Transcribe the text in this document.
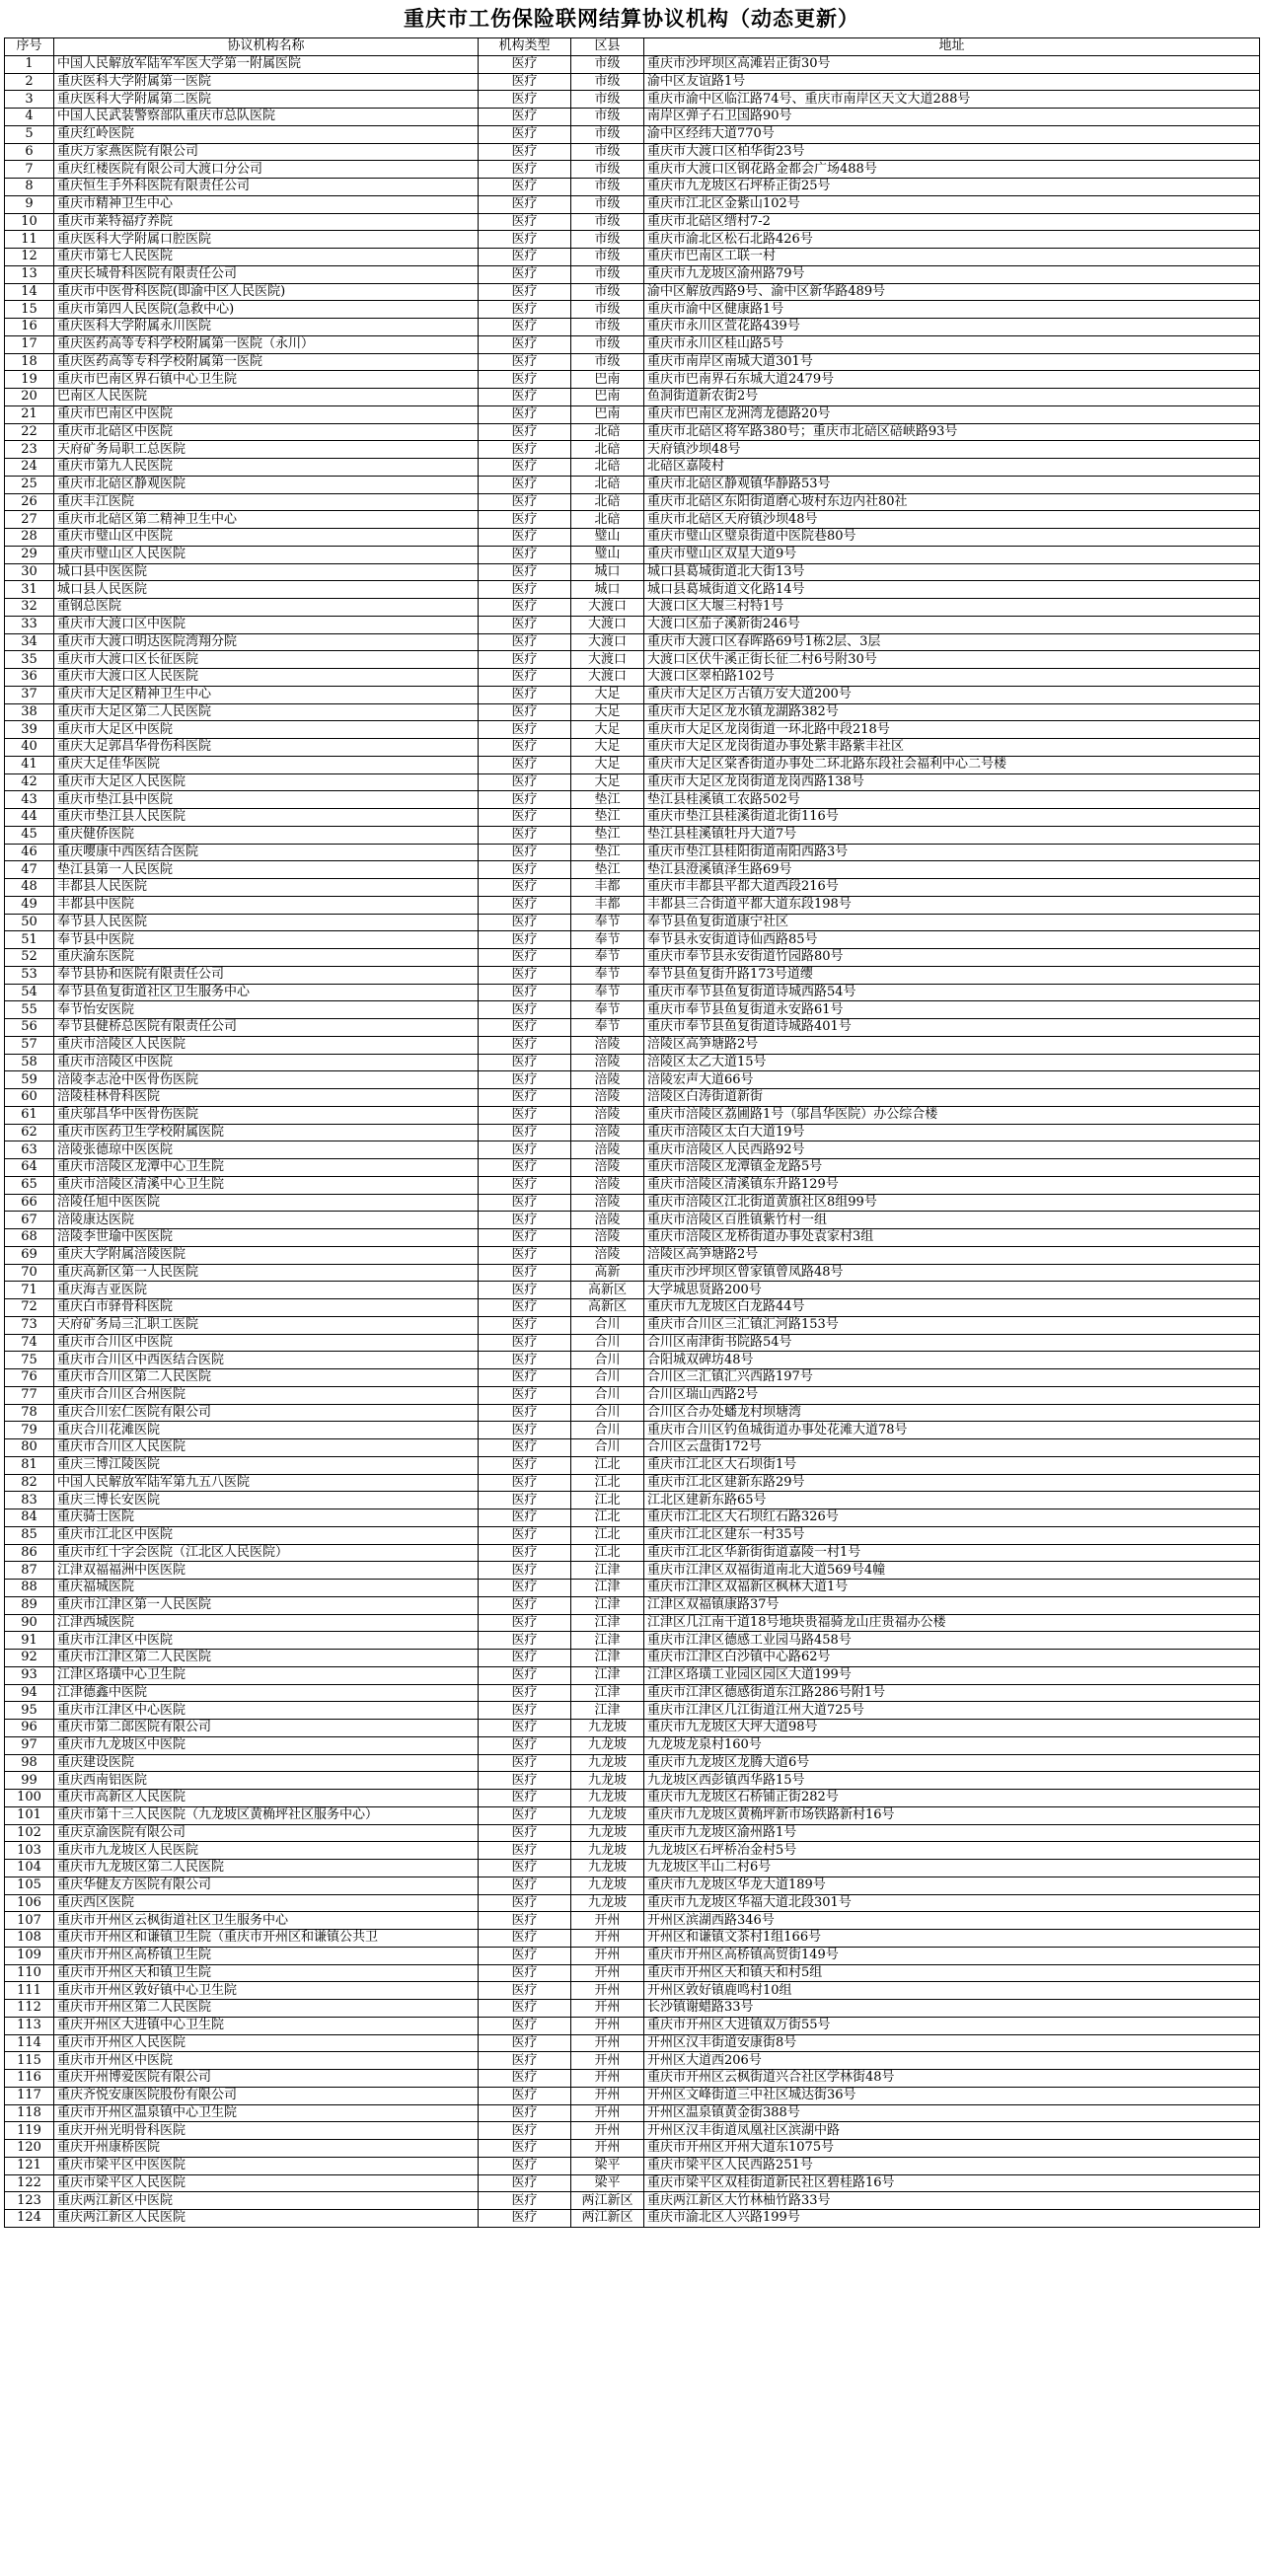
重庆市工伤保险联网结算协议机构（动态更新）
序号	协议机构名称	机构类型	区县	地址
1	中国人民解放军陆军军医大学第一附属医院	医疗	市级	重庆市沙坪坝区高滩岩正街30号
2	重庆医科大学附属第一医院	医疗	市级	渝中区友谊路1号
3	重庆医科大学附属第二医院	医疗	市级	重庆市渝中区临江路74号、重庆市南岸区天文大道288号
4	中国人民武装警察部队重庆市总队医院	医疗	市级	南岸区弹子石卫国路90号
5	重庆红岭医院	医疗	市级	渝中区经纬大道770号
6	重庆万家燕医院有限公司	医疗	市级	重庆市大渡口区柏华街23号
7	重庆红楼医院有限公司大渡口分公司	医疗	市级	重庆市大渡口区钢花路金都会广场488号
8	重庆恒生手外科医院有限责任公司	医疗	市级	重庆市九龙坡区石坪桥正街25号
9	重庆市精神卫生中心	医疗	市级	重庆市江北区金紫山102号
10	重庆市莱特福疗养院	医疗	市级	重庆市北碚区缙村7-2
11	重庆医科大学附属口腔医院	医疗	市级	重庆市渝北区松石北路426号
12	重庆市第七人民医院	医疗	市级	重庆市巴南区工联一村
13	重庆长城骨科医院有限责任公司	医疗	市级	重庆市九龙坡区渝州路79号
14	重庆市中医骨科医院(即渝中区人民医院)	医疗	市级	渝中区解放西路9号、渝中区新华路489号
15	重庆市第四人民医院(急救中心)	医疗	市级	重庆市渝中区健康路1号
16	重庆医科大学附属永川医院	医疗	市级	重庆市永川区萱花路439号
17	重庆医药高等专科学校附属第一医院（永川）	医疗	市级	重庆市永川区桂山路5号
18	重庆医药高等专科学校附属第一医院	医疗	市级	重庆市南岸区南城大道301号
19	重庆市巴南区界石镇中心卫生院	医疗	巴南	重庆市巴南界石东城大道2479号
20	巴南区人民医院	医疗	巴南	鱼洞街道新农街2号
21	重庆市巴南区中医院	医疗	巴南	重庆市巴南区龙洲湾龙德路20号
22	重庆市北碚区中医院	医疗	北碚	重庆市北碚区将军路380号；重庆市北碚区碚峡路93号
23	天府矿务局职工总医院	医疗	北碚	天府镇沙坝48号
24	重庆市第九人民医院	医疗	北碚	北碚区嘉陵村
25	重庆市北碚区静观医院	医疗	北碚	重庆市北碚区静观镇华静路53号
26	重庆丰江医院	医疗	北碚	重庆市北碚区东阳街道磨心坡村东边内社80社
27	重庆市北碚区第二精神卫生中心	医疗	北碚	重庆市北碚区天府镇沙坝48号
28	重庆市璧山区中医院	医疗	璧山	重庆市璧山区璧泉街道中医院巷80号
29	重庆市璧山区人民医院	医疗	璧山	重庆市璧山区双星大道9号
30	城口县中医医院	医疗	城口	城口县葛城街道北大街13号
31	城口县人民医院	医疗	城口	城口县葛城街道文化路14号
32	重钢总医院	医疗	大渡口	大渡口区大堰三村特1号
33	重庆市大渡口区中医院	医疗	大渡口	大渡口区茄子溪新街246号
34	重庆市大渡口明达医院湾翔分院	医疗	大渡口	重庆市大渡口区春晖路69号1栋2层、3层
35	重庆市大渡口区长征医院	医疗	大渡口	大渡口区伏牛溪正街长征二村6号附30号
36	重庆市大渡口区人民医院	医疗	大渡口	大渡口区翠柏路102号
37	重庆市大足区精神卫生中心	医疗	大足	重庆市大足区万古镇万安大道200号
38	重庆市大足区第二人民医院	医疗	大足	重庆市大足区龙水镇龙湖路382号
39	重庆市大足区中医院	医疗	大足	重庆市大足区龙岗街道一环北路中段218号
40	重庆大足郭昌华骨伤科医院	医疗	大足	重庆市大足区龙岗街道办事处紫丰路紫丰社区
41	重庆大足佳华医院	医疗	大足	重庆市大足区棠香街道办事处二环北路东段社会福利中心二号楼
42	重庆市大足区人民医院	医疗	大足	重庆市大足区龙岗街道龙岗西路138号
43	重庆市垫江县中医院	医疗	垫江	垫江县桂溪镇工农路502号
44	重庆市垫江县人民医院	医疗	垫江	重庆市垫江县桂溪街道北街116号
45	重庆健侨医院	医疗	垫江	垫江县桂溪镇牡丹大道7号
46	重庆嘤康中西医结合医院	医疗	垫江	重庆市垫江县桂阳街道南阳西路3号
47	垫江县第一人民医院	医疗	垫江	垫江县澄溪镇泽生路69号
48	丰都县人民医院	医疗	丰都	重庆市丰都县平都大道西段216号
49	丰都县中医院	医疗	丰都	丰都县三合街道平都大道东段198号
50	奉节县人民医院	医疗	奉节	奉节县鱼复街道康宁社区
51	奉节县中医院	医疗	奉节	奉节县永安街道诗仙西路85号
52	重庆渝东医院	医疗	奉节	重庆市奉节县永安街道竹园路80号
53	奉节县协和医院有限责任公司	医疗	奉节	奉节县鱼复街升路173号道缨
54	奉节县鱼复街道社区卫生服务中心	医疗	奉节	重庆市奉节县鱼复街道诗城西路54号
55	奉节怡安医院	医疗	奉节	重庆市奉节县鱼复街道永安路61号
56	奉节县健桥总医院有限责任公司	医疗	奉节	重庆市奉节县鱼复街道诗城路401号
57	重庆市涪陵区人民医院	医疗	涪陵	涪陵区高笋塘路2号
58	重庆市涪陵区中医院	医疗	涪陵	涪陵区太乙大道15号
59	涪陵李志沧中医骨伤医院	医疗	涪陵	涪陵宏声大道66号
60	涪陵桂林骨科医院	医疗	涪陵	涪陵区白涛街道新街
61	重庆邬昌华中医骨伤医院	医疗	涪陵	重庆市涪陵区荔圃路1号（邬昌华医院）办公综合楼
62	重庆市医药卫生学校附属医院	医疗	涪陵	重庆市涪陵区太白大道19号
63	涪陵张德琼中医医院	医疗	涪陵	重庆市涪陵区人民西路92号
64	重庆市涪陵区龙潭中心卫生院	医疗	涪陵	重庆市涪陵区龙潭镇金龙路5号
65	重庆市涪陵区清溪中心卫生院	医疗	涪陵	重庆市涪陵区清溪镇东升路129号
66	涪陵任旭中医医院	医疗	涪陵	重庆市涪陵区江北街道黄旗社区8组99号
67	涪陵康达医院	医疗	涪陵	重庆市涪陵区百胜镇紫竹村一组
68	涪陵李世瑜中医医院	医疗	涪陵	重庆市涪陵区龙桥街道办事处袁家村3组
69	重庆大学附属涪陵医院	医疗	涪陵	涪陵区高笋塘路2号
70	重庆高新区第一人民医院	医疗	高新	重庆市沙坪坝区曾家镇曾凤路48号
71	重庆海吉亚医院	医疗	高新区	大学城思贤路200号
72	重庆白市驿骨科医院	医疗	高新区	重庆市九龙坡区白龙路44号
73	天府矿务局三汇职工医院	医疗	合川	重庆市合川区三汇镇汇河路153号
74	重庆市合川区中医院	医疗	合川	合川区南津街书院路54号
75	重庆市合川区中西医结合医院	医疗	合川	合阳城双碑坊48号
76	重庆市合川区第二人民医院	医疗	合川	合川区三汇镇汇兴西路197号
77	重庆市合川区合州医院	医疗	合川	合川区瑞山西路2号
78	重庆合川宏仁医院有限公司	医疗	合川	合川区合办处蟠龙村坝塘湾
79	重庆合川花滩医院	医疗	合川	重庆市合川区钓鱼城街道办事处花滩大道78号
80	重庆市合川区人民医院	医疗	合川	合川区云盘街172号
81	重庆三博江陵医院	医疗	江北	重庆市江北区大石坝街1号
82	中国人民解放军陆军第九五八医院	医疗	江北	重庆市江北区建新东路29号
83	重庆三博长安医院	医疗	江北	江北区建新东路65号
84	重庆骑士医院	医疗	江北	重庆市江北区大石坝红石路326号
85	重庆市江北区中医院	医疗	江北	重庆市江北区建东一村35号
86	重庆市红十字会医院（江北区人民医院）	医疗	江北	重庆市江北区华新街街道嘉陵一村1号
87	江津双福福洲中医医院	医疗	江津	重庆市江津区双福街道南北大道569号4幢
88	重庆福城医院	医疗	江津	重庆市江津区双福新区枫林大道1号
89	重庆市江津区第一人民医院	医疗	江津	江津区双福镇康路37号
90	江津西城医院	医疗	江津	江津区几江南干道18号地块贵福骑龙山庄贵福办公楼
91	重庆市江津区中医院	医疗	江津	重庆市江津区德感工业园马路458号
92	重庆市江津区第二人民医院	医疗	江津	重庆市江津区白沙镇中心路62号
93	江津区珞璜中心卫生院	医疗	江津	江津区珞璜工业园区园区大道199号
94	江津德鑫中医院	医疗	江津	重庆市江津区德感街道东江路286号附1号
95	重庆市江津区中心医院	医疗	江津	重庆市江津区几江街道江州大道725号
96	重庆市第二郎医院有限公司	医疗	九龙坡	重庆市九龙坡区大坪大道98号
97	重庆市九龙坡区中医院	医疗	九龙坡	九龙坡龙泉村160号
98	重庆建设医院	医疗	九龙坡	重庆市九龙坡区龙腾大道6号
99	重庆西南铝医院	医疗	九龙坡	九龙坡区西彭镇西华路15号
100	重庆市高新区人民医院	医疗	九龙坡	重庆市九龙坡区石桥铺正街282号
101	重庆市第十三人民医院（九龙坡区黄桷坪社区服务中心）	医疗	九龙坡	重庆市九龙坡区黄桷坪新市场铁路新村16号
102	重庆京渝医院有限公司	医疗	九龙坡	重庆市九龙坡区渝州路1号
103	重庆市九龙坡区人民医院	医疗	九龙坡	九龙坡区石坪桥冶金村5号
104	重庆市九龙坡区第二人民医院	医疗	九龙坡	九龙坡区半山二村6号
105	重庆华健友方医院有限公司	医疗	九龙坡	重庆市九龙坡区华龙大道189号
106	重庆西区医院	医疗	九龙坡	重庆市九龙坡区华福大道北段301号
107	重庆市开州区云枫街道社区卫生服务中心	医疗	开州	开州区滨湖西路346号
108	重庆市开州区和谦镇卫生院（重庆市开州区和谦镇公共卫	医疗	开州	开州区和谦镇文茶村1组166号
109	重庆市开州区高桥镇卫生院	医疗	开州	重庆市开州区高桥镇高贸街149号
110	重庆市开州区天和镇卫生院	医疗	开州	重庆市开州区天和镇天和村5组
111	重庆市开州区敦好镇中心卫生院	医疗	开州	开州区敦好镇鹿鸣村10组
112	重庆市开州区第二人民医院	医疗	开州	长沙镇谢蜡路33号
113	重庆开州区大进镇中心卫生院	医疗	开州	重庆市开州区大进镇双万街55号
114	重庆市开州区人民医院	医疗	开州	开州区汉丰街道安康街8号
115	重庆市开州区中医院	医疗	开州	开州区大道西206号
116	重庆开州博爱医院有限公司	医疗	开州	重庆市开州区云枫街道兴合社区学林街48号
117	重庆齐悦安康医院股份有限公司	医疗	开州	开州区文峰街道三中社区城达街36号
118	重庆市开州区温泉镇中心卫生院	医疗	开州	开州区温泉镇黄金街388号
119	重庆开州光明骨科医院	医疗	开州	开州区汉丰街道凤凰社区滨湖中路
120	重庆开州康桥医院	医疗	开州	重庆市开州区开州大道东1075号
121	重庆市梁平区中医医院	医疗	梁平	重庆市梁平区人民西路251号
122	重庆市梁平区人民医院	医疗	梁平	重庆市梁平区双桂街道新民社区碧桂路16号
123	重庆两江新区中医院	医疗	两江新区	重庆两江新区大竹林柚竹路33号
124	重庆两江新区人民医院	医疗	两江新区	重庆市渝北区人兴路199号
